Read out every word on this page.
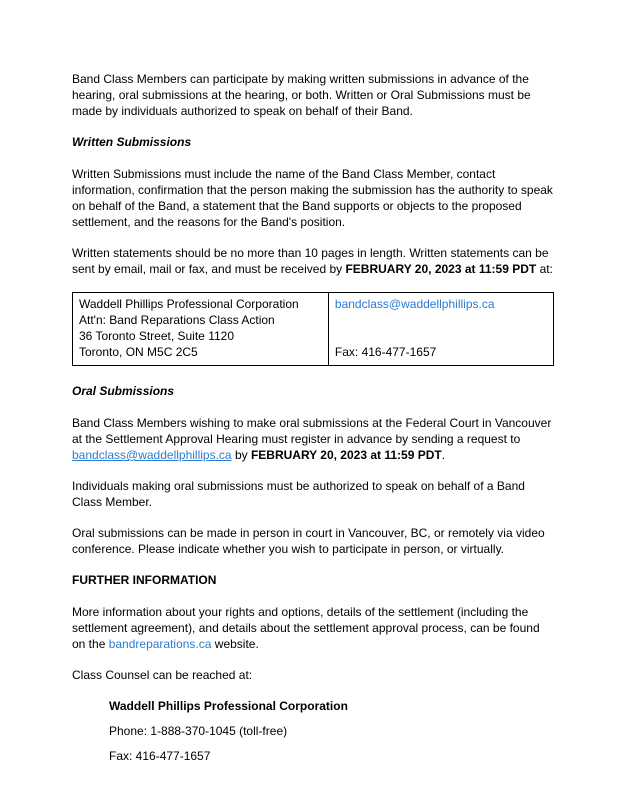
Band Class Members can participate by making written submissions in advance of the hearing, oral submissions at the hearing, or both. Written or Oral Submissions must be made by individuals authorized to speak on behalf of their Band.

Written Submissions

Written Submissions must include the name of the Band Class Member, contact information, confirmation that the person making the submission has the authority to speak on behalf of the Band, a statement that the Band supports or objects to the proposed settlement, and the reasons for the Band's position.

Written statements should be no more than 10 pages in length. Written statements can be sent by email, mail or fax, and must be received by FEBRUARY 20, 2023 at 11:59 PDT at:

Waddell Phillips Professional Corporation
Att'n: Band Reparations Class Action
36 Toronto Street, Suite 1120
Toronto, ON M5C 2C5

bandclass@waddellphillips.ca
Fax: 416-477-1657
Oral Submissions

Band Class Members wishing to make oral submissions at the Federal Court in Vancouver at the Settlement Approval Hearing must register in advance by sending a request to bandclass@waddellphillips.ca by FEBRUARY 20, 2023 at 11:59 PDT.

Individuals making oral submissions must be authorized to speak on behalf of a Band Class Member.

Oral submissions can be made in person in court in Vancouver, BC, or remotely via video conference. Please indicate whether you wish to participate in person, or virtually.

FURTHER INFORMATION

More information about your rights and options, details of the settlement (including the settlement agreement), and details about the settlement approval process, can be found on the bandreparations.ca website.

Class Counsel can be reached at:

Waddell Phillips Professional Corporation

Phone: 1-888-370-1045 (toll-free)

Fax: 416-477-1657
